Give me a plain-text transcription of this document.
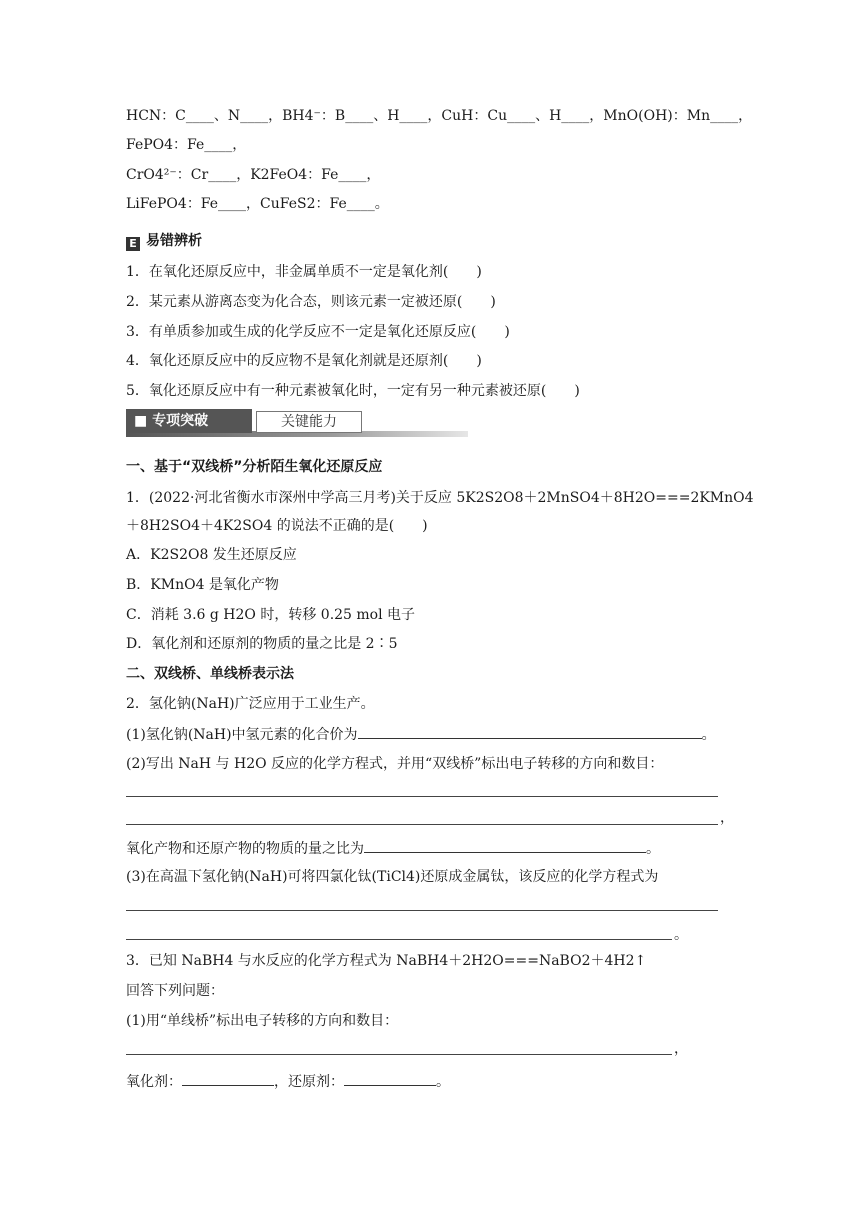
HCN：C____、N____，BH4⁻：B____、H____，CuH：Cu____、H____，MnO(OH)：Mn____，
FePO4：Fe____，
CrO4²⁻：Cr____，K2FeO4：Fe____，
LiFePO4：Fe____，CuFeS2：Fe____。
E 易错辨析
1．在氧化还原反应中，非金属单质不一定是氧化剂(　　)
2．某元素从游离态变为化合态，则该元素一定被还原(　　)
3．有单质参加或生成的化学反应不一定是氧化还原反应(　　)
4．氧化还原反应中的反应物不是氧化剂就是还原剂(　　)
5．氧化还原反应中有一种元素被氧化时，一定有另一种元素被还原(　　)
■ 专项突破	关键能力
一、基于“双线桥”分析陌生氧化还原反应
1．(2022·河北省衡水市深州中学高三月考)关于反应 5K2S2O8＋2MnSO4＋8H2O===2KMnO4
＋8H2SO4＋4K2SO4 的说法不正确的是(　　)
A．K2S2O8 发生还原反应
B．KMnO4 是氧化产物
C．消耗 3.6 g H2O 时，转移 0.25 mol 电子
D．氧化剂和还原剂的物质的量之比是 2∶5
二、双线桥、单线桥表示法
2．氢化钠(NaH)广泛应用于工业生产。
(1)氢化钠(NaH)中氢元素的化合价为	。
(2)写出 NaH 与 H2O 反应的化学方程式，并用“双线桥”标出电子转移的方向和数目：
，
氧化产物和还原产物的物质的量之比为	。
(3)在高温下氢化钠(NaH)可将四氯化钛(TiCl4)还原成金属钛，该反应的化学方程式为
。
3．已知 NaBH4 与水反应的化学方程式为 NaBH4＋2H2O===NaBO2＋4H2↑
回答下列问题：
(1)用“单线桥”标出电子转移的方向和数目：
，
氧化剂：	，还原剂：	。
